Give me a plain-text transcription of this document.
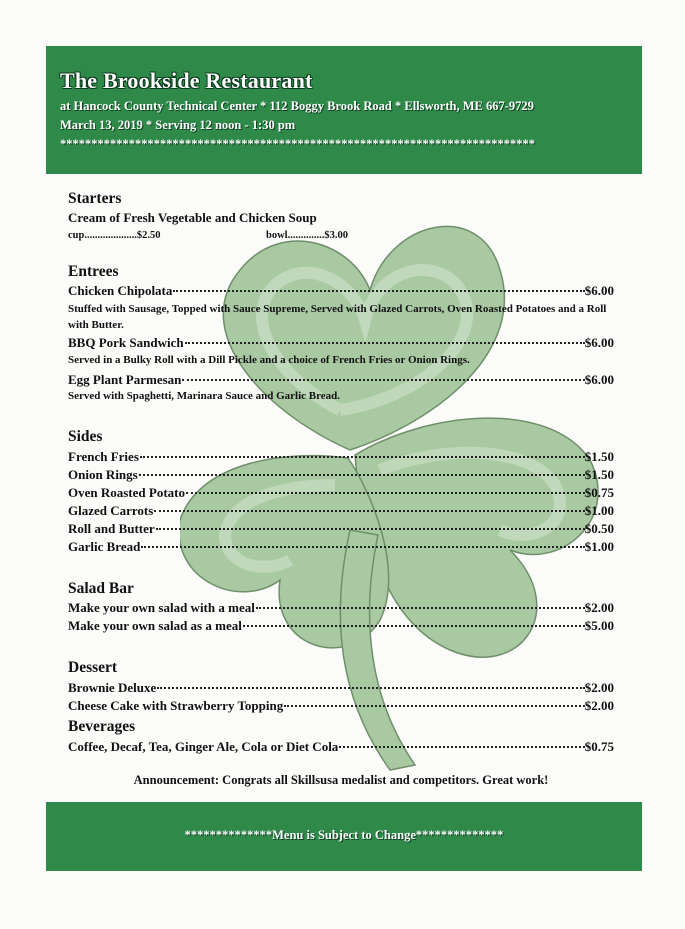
The Brookside Restaurant
at Hancock County Technical Center * 112 Boggy Brook Road * Ellsworth, ME 667-9729
March 13, 2019 * Serving 12 noon - 1:30 pm
****************************************************************************
Starters
Cream of Fresh Vegetable and Chicken Soup
cup....................$2.50	bowl..............$3.00
Entrees
Chicken Chipolata	$6.00
Stuffed with Sausage, Topped with Sauce Supreme, Served with Glazed Carrots, Oven Roasted Potatoes and a Roll with Butter.
BBQ Pork Sandwich	$6.00
Served in a Bulky Roll with a Dill Pickle and a choice of French Fries or Onion Rings.
Egg Plant Parmesan	$6.00
Served with Spaghetti, Marinara Sauce and Garlic Bread.
Sides
French Fries	$1.50
Onion Rings	$1.50
Oven Roasted Potato	$0.75
Glazed Carrots	$1.00
Roll and Butter	$0.50
Garlic Bread	$1.00
Salad Bar
Make your own salad with a meal	$2.00
Make your own salad as a meal	$5.00
Dessert
Brownie Deluxe	$2.00
Cheese Cake with Strawberry Topping	$2.00
Beverages
Coffee, Decaf, Tea, Ginger Ale, Cola or Diet Cola	$0.75
Announcement: Congrats all Skillsusa medalist and competitors. Great work!
**************Menu is Subject to Change**************
